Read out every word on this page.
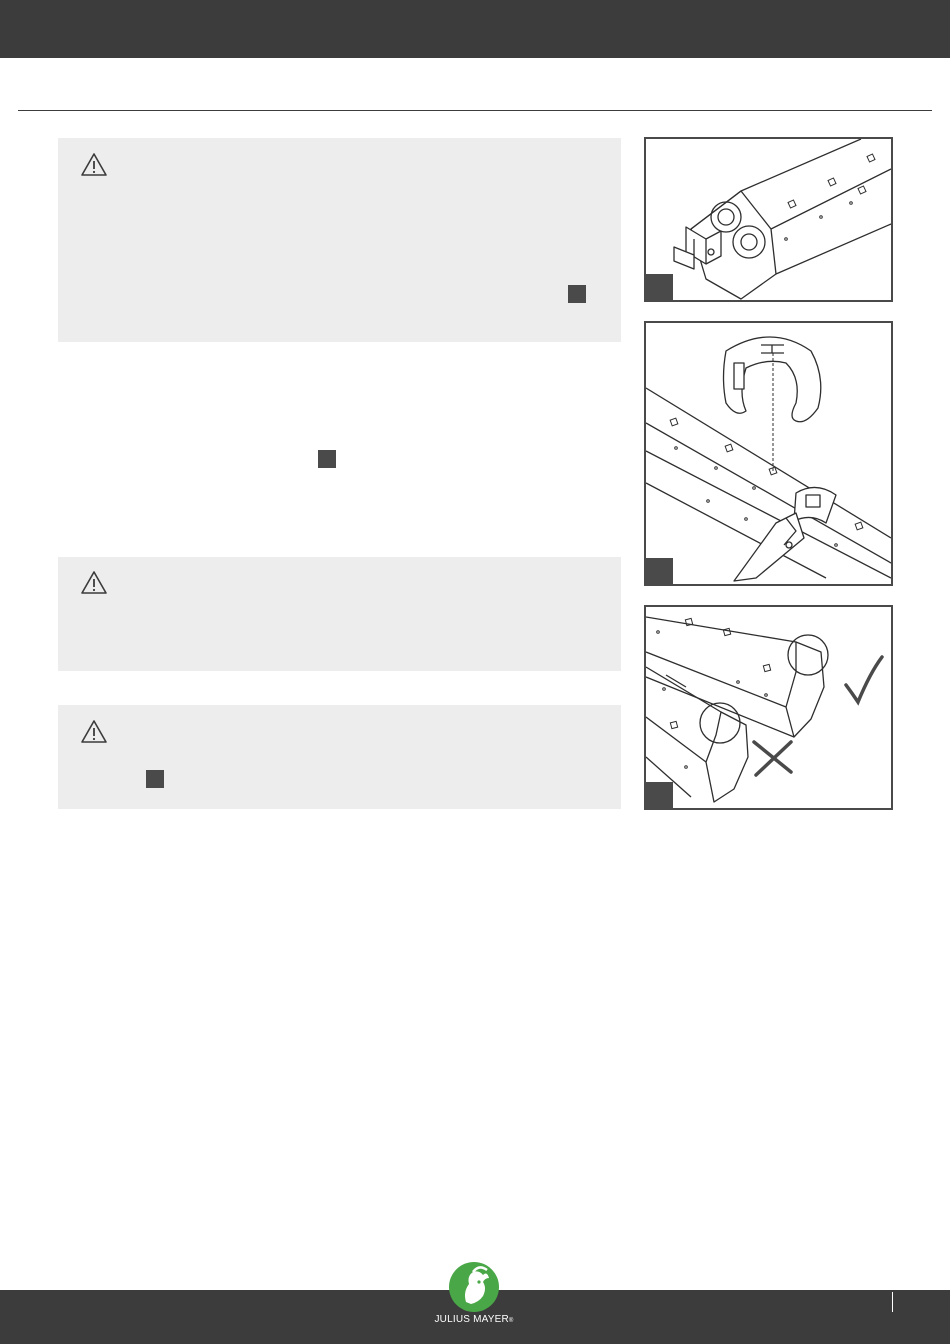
JULIUS MAYER®
